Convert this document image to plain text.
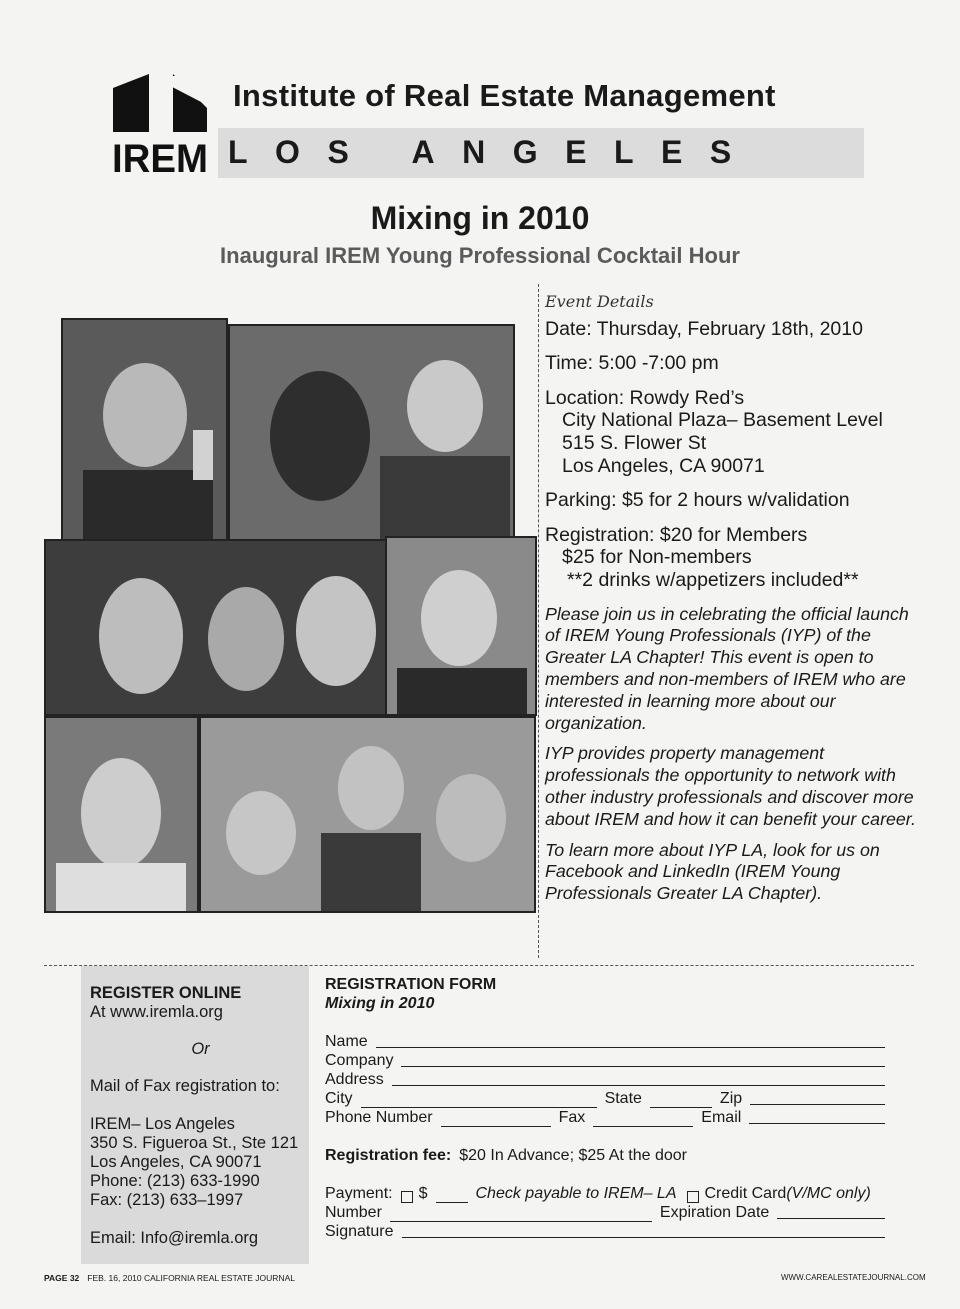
IREM
Institute of Real Estate Management
LOS ANGELES
Mixing in 2010
Inaugural IREM Young Professional Cocktail Hour
Event Details
Date: Thursday, February 18th, 2010
Time: 5:00 -7:00 pm
Location: Rowdy Red’s
City National Plaza– Basement Level
515 S. Flower St
Los Angeles, CA 90071
Parking: $5 for 2 hours w/validation
Registration: $20 for Members
$25 for Non-members
**2 drinks w/appetizers included**
Please join us in celebrating the official launch of IREM Young Professionals (IYP) of the Greater LA Chapter! This event is open to members and non-members of IREM who are interested in learning more about our organization.
IYP provides property management professionals the opportunity to network with other industry professionals and discover more about IREM and how it can benefit your career.
To learn more about IYP LA, look for us on Facebook and LinkedIn (IREM Young Professionals Greater LA Chapter).
REGISTER ONLINE
At www.iremla.org
Or
Mail of Fax registration to:
IREM– Los Angeles
350 S. Figueroa St., Ste 121
Los Angeles, CA 90071
Phone: (213) 633-1990
Fax: (213) 633–1997
Email: Info@iremla.org
REGISTRATION FORM
Mixing in 2010
Name
Company
Address
City	State	Zip
Phone Number	Fax	Email
Registration fee: $20 In Advance; $25 At the door
Payment: $	Check payable to IREM– LA Credit Card (V/MC only)
Number	Expiration Date
Signature
PAGE 32 FEB. 16, 2010 CALIFORNIA REAL ESTATE JOURNAL	WWW.CAREALESTATEJOURNAL.COM
